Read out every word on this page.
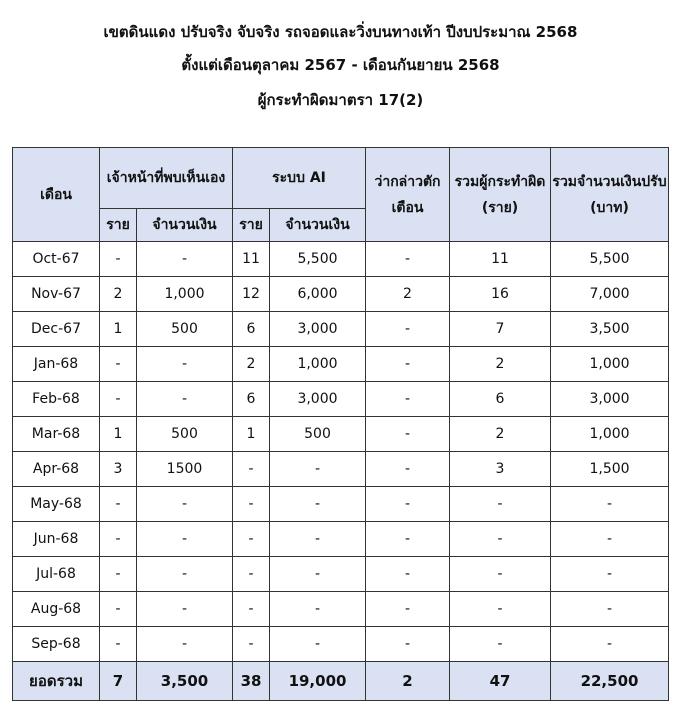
เขตดินแดง ปรับจริง จับจริง รถจอดและวิ่งบนทางเท้า ปีงบประมาณ 2568
ตั้งแต่เดือนตุลาคม 2567 - เดือนกันยายน 2568
ผู้กระทำผิดมาตรา 17(2)
เดือน	เจ้าหน้าที่พบเห็นเอง		ระบบ AI		ว่ากล่าวตักเตือน	รวมผู้กระทำผิด (ราย)	รวมจำนวนเงินปรับ (บาท)
	ราย	จำนวนเงิน	ราย	จำนวนเงิน			
Oct-67	-	-	11	5,500	-	11	5,500
Nov-67	2	1,000	12	6,000	2	16	7,000
Dec-67	1	500	6	3,000	-	7	3,500
Jan-68	-	-	2	1,000	-	2	1,000
Feb-68	-	-	6	3,000	-	6	3,000
Mar-68	1	500	1	500	-	2	1,000
Apr-68	3	1500	-	-	-	3	1,500
May-68	-	-	-	-	-	-	-
Jun-68	-	-	-	-	-	-	-
Jul-68	-	-	-	-	-	-	-
Aug-68	-	-	-	-	-	-	-
Sep-68	-	-	-	-	-	-	-
ยอดรวม	7	3,500	38	19,000	2	47	22,500
